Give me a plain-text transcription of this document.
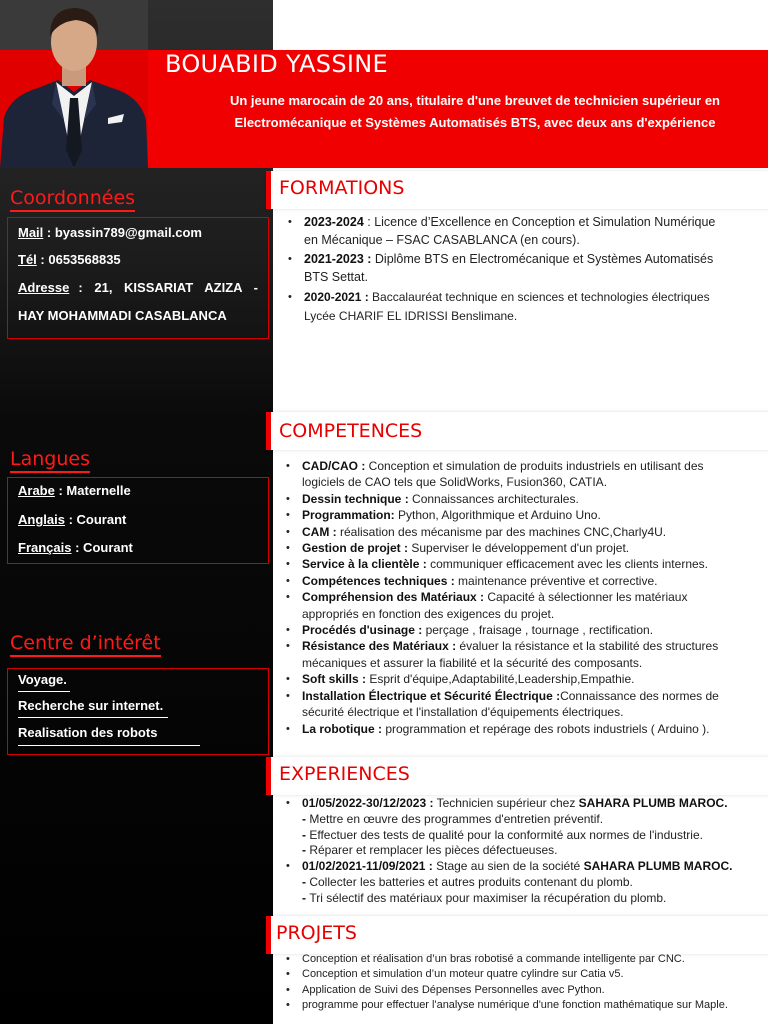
BOUABID YASSINE

Un jeune marocain de 20 ans, titulaire d'une breuvet de technicien supérieur en
Electromécanique et Systèmes Automatisés BTS, avec deux ans d'expérience

Coordonnées
Mail : byassin789@gmail.com
Tél : 0653568835
Adresse : 21, KISSARIAT AZIZA -
HAY MOHAMMADI CASABLANCA
Langues
Arabe : Maternelle
Anglais : Courant
Français : Courant
Centre d’intérêt
Voyage.
Recherche sur internet.
Realisation des robots
FORMATIONS
• 2023-2024 : Licence d’Excellence en Conception et Simulation Numérique
en Mécanique – FSAC CASABLANCA (en cours).
• 2021-2023 : Diplôme BTS en Electromécanique et Systèmes Automatisés
BTS Settat.
• 2020-2021 : Baccalauréat technique en sciences et technologies électriques
Lycée CHARIF EL IDRISSI Benslimane.
COMPETENCES
• CAD/CAO : Conception et simulation de produits industriels en utilisant des
logiciels de CAO tels que SolidWorks, Fusion360, CATIA.
• Dessin technique : Connaissances architecturales.
• Programmation: Python, Algorithmique et Arduino Uno.
• CAM : réalisation des mécanisme par des machines CNC,Charly4U.
• Gestion de projet : Superviser le développement d'un projet.
• Service à la clientèle : communiquer efficacement avec les clients internes.
• Compétences techniques : maintenance préventive et corrective.
• Compréhension des Matériaux : Capacité à sélectionner les matériaux
appropriés en fonction des exigences du projet.
• Procédés d'usinage : perçage , fraisage , tournage , rectification.
• Résistance des Matériaux : évaluer la résistance et la stabilité des structures
mécaniques et assurer la fiabilité et la sécurité des composants.
• Soft skills : Esprit d'équipe,Adaptabilité,Leadership,Empathie.
• Installation Électrique et Sécurité Électrique :Connaissance des normes de
sécurité électrique et l'installation d'équipements électriques.
• La robotique : programmation et repérage des robots industriels ( Arduino ).
EXPERIENCES
• 01/05/2022-30/12/2023 : Technicien supérieur chez SAHARA PLUMB MAROC.
- Mettre en œuvre des programmes d'entretien préventif.
- Effectuer des tests de qualité pour la conformité aux normes de l'industrie.
- Réparer et remplacer les pièces défectueuses.
• 01/02/2021-11/09/2021 : Stage au sien de la société SAHARA PLUMB MAROC.
- Collecter les batteries et autres produits contenant du plomb.
- Tri sélectif des matériaux pour maximiser la récupération du plomb.
PROJETS
• Conception et réalisation d’un bras robotisé a commande intelligente par CNC.
• Conception et simulation d’un moteur quatre cylindre sur Catia v5.
• Application de Suivi des Dépenses Personnelles avec Python.
• programme pour effectuer l'analyse numérique d'une fonction mathématique sur Maple.
